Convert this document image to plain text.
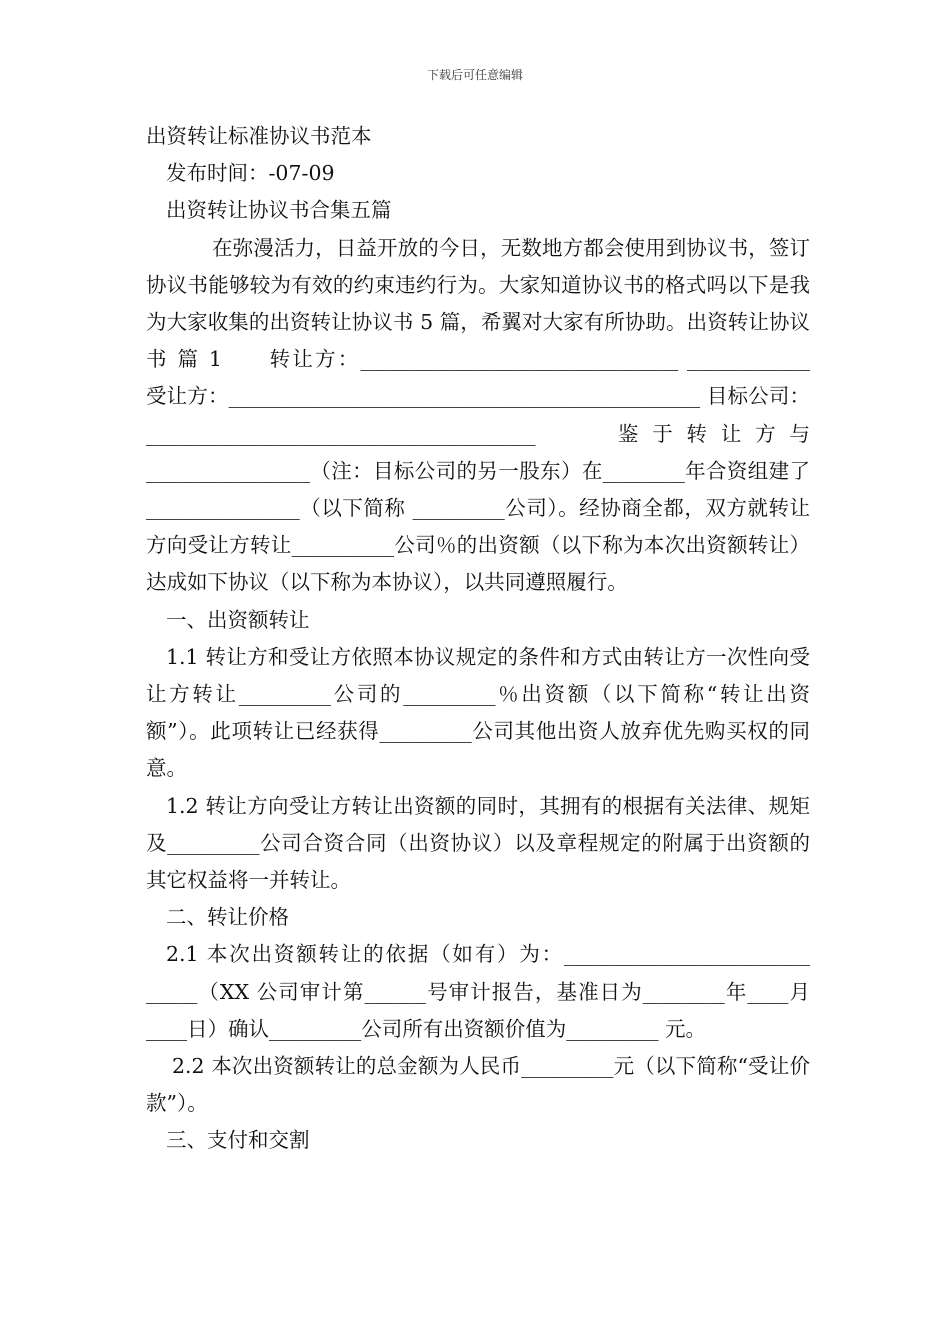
下载后可任意编辑

出资转让标准协议书范本

发布时间：-07-09

出资转让协议书合集五篇

在弥漫活力，日益开放的今日，无数地方都会使用到协议书，签订协议书能够较为有效的约束违约行为。大家知道协议书的格式吗以下是我为大家收集的出资转让协议书 5 篇，希翼对大家有所协助。出资转让协议书 篇 1　　转让方：_______________________________ ____________　　受让方：______________________________________________ 目标公司：______________________________________　　鉴于转让方与________________（注：目标公司的另一股东）在________年合资组建了_______________（以下简称 _________公司）。经协商全都，双方就转让方向受让方转让__________公司％的出资额（以下称为本次出资额转让）达成如下协议（以下称为本协议），以共同遵照履行。

一、出资额转让

1.1 转让方和受让方依照本协议规定的条件和方式由转让方一次性向受让方转让_________公司的_________％出资额（以下简称“转让出资额”）。此项转让已经获得_________公司其他出资人放弃优先购买权的同意。

1.2 转让方向受让方转让出资额的同时，其拥有的根据有关法律、规矩及_________公司合资合同（出资协议）以及章程规定的附属于出资额的其它权益将一并转让。

二、转让价格

2.1 本次出资额转让的依据（如有）为：________________________ _____（XX 公司审计第______号审计报告，基准日为________年____月____日）确认_________公司所有出资额价值为_________ 元。

2.2 本次出资额转让的总金额为人民币_________元（以下简称“受让价款”）。

三、支付和交割
